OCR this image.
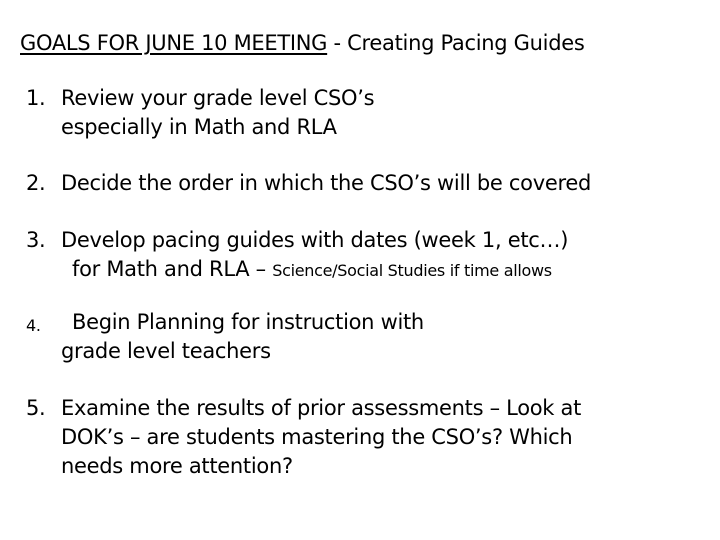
GOALS FOR JUNE 10 MEETING - Creating Pacing Guides
1. Review your grade level CSO’s
especially in Math and RLA
2. Decide the order in which the CSO’s will be covered
3. Develop pacing guides with dates (week 1, etc…)
for Math and RLA – Science/Social Studies if time allows
4.	Begin Planning for instruction with
grade level teachers
5. Examine the results of prior assessments – Look at
DOK’s – are students mastering the CSO’s? Which
needs more attention?
